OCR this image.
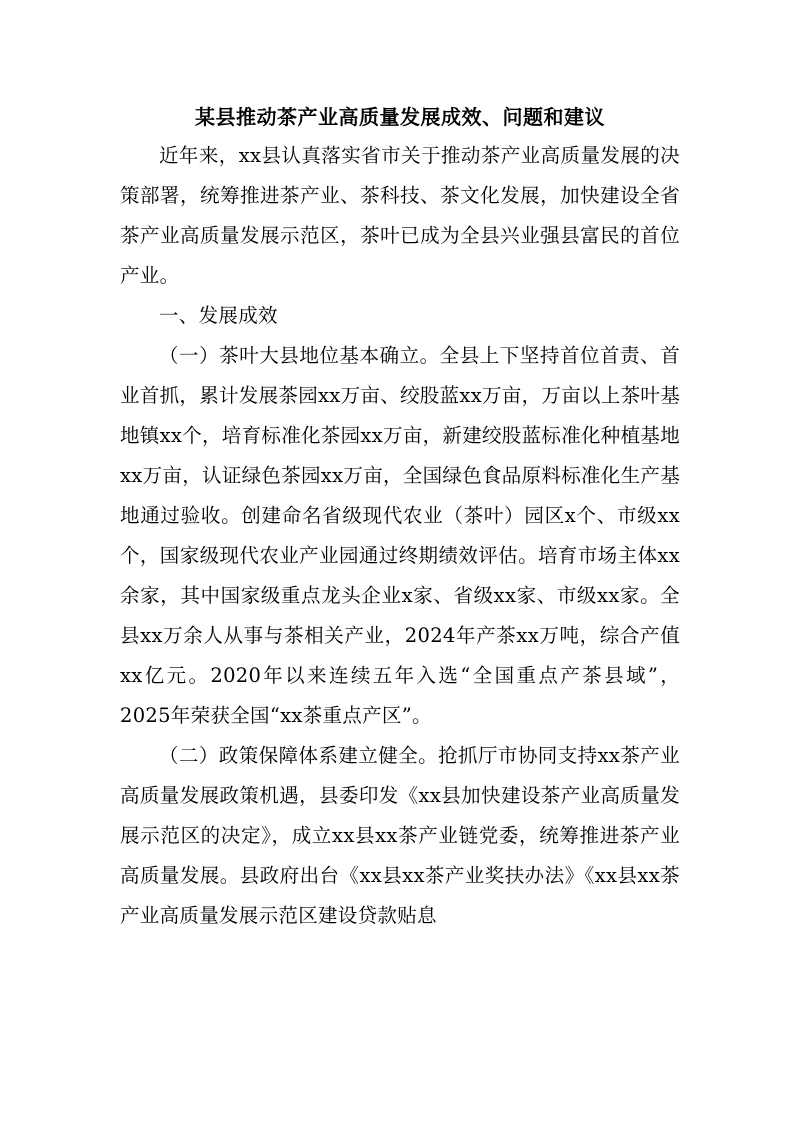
某县推动茶产业高质量发展成效、问题和建议

近年来，xx县认真落实省市关于推动茶产业高质量发展的决策部署，统筹推进茶产业、茶科技、茶文化发展，加快建设全省茶产业高质量发展示范区，茶叶已成为全县兴业强县富民的首位产业。

一、发展成效

（一）茶叶大县地位基本确立。全县上下坚持首位首责、首业首抓，累计发展茶园xx万亩、绞股蓝xx万亩，万亩以上茶叶基地镇xx个，培育标准化茶园xx万亩，新建绞股蓝标准化种植基地xx万亩，认证绿色茶园xx万亩，全国绿色食品原料标准化生产基地通过验收。创建命名省级现代农业（茶叶）园区x个、市级xx个，国家级现代农业产业园通过终期绩效评估。培育市场主体xx余家，其中国家级重点龙头企业x家、省级xx家、市级xx家。全县xx万余人从事与茶相关产业，2024年产茶xx万吨，综合产值xx亿元。2020年以来连续五年入选“全国重点产茶县域”，2025年荣获全国“xx茶重点产区”。

（二）政策保障体系建立健全。抢抓厅市协同支持xx茶产业高质量发展政策机遇，县委印发《xx县加快建设茶产业高质量发展示范区的决定》，成立xx县xx茶产业链党委，统筹推进茶产业高质量发展。县政府出台《xx县xx茶产业奖扶办法》《xx县xx茶产业高质量发展示范区建设贷款贴息
